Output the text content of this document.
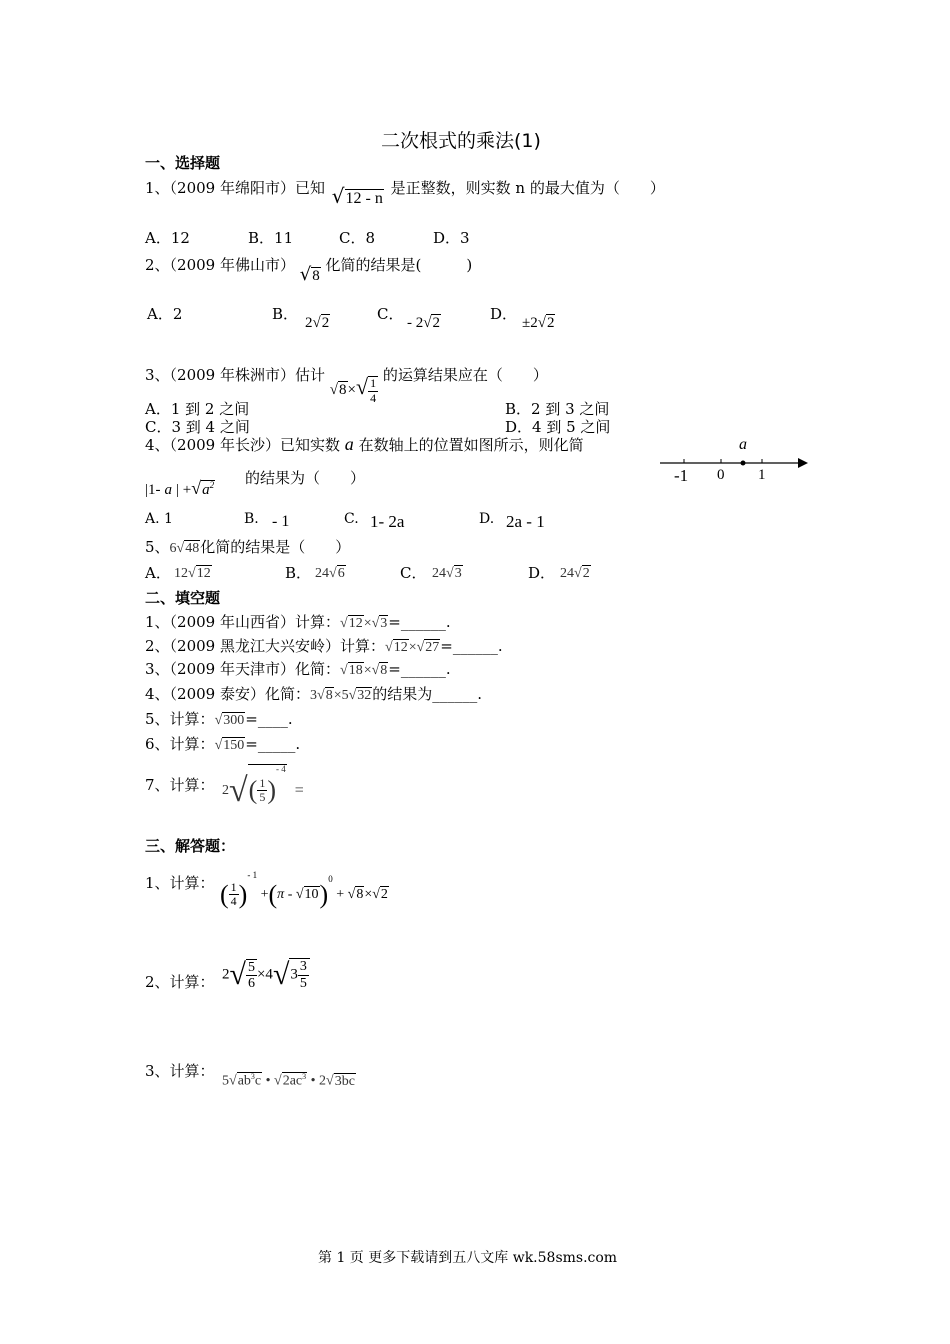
二次根式的乘法(1)
一、选择题
1、（2009 年绵阳市）已知 √12 - n 是正整数，则实数 n 的最大值为（　　）
A．12	B．11	C．8	D．3
2、（2009 年佛山市） √8 化简的结果是(　　　)
A．2	B． 2√2	C． - 2√2	D． ±2√2
3、（2009 年株洲市）估计 $√8\times√ \frac{1}{4}$
的运算结果应在（　　）
A．1 到 2 之间	B．2 到 3 之间
C．3 到 4 之间	D．4 到 5 之间
4、（2009 年长沙）已知实数 a 在数轴上的位置如图所示，则化简
|1- a | $+√a^2$ 的结果为（　　）
a
-1 0 1
A. 1	B. - 1	C. 1- 2a	D. 2a - 1
5、6√48化简的结果是（　　）
A． 12√12	B． 24√6	C． 24√3	D． 24√2
二、填空题
1、（2009 年山西省）计算：√12×√3=______.
2、（2009 黑龙江大兴安岭）计算：√12×√27=______.
3、（2009 年天津市）化简：√18×√8=______.
4、（2009 泰安）化简：3√8×5√32的结果为______.
5、计算：√300=____.
6、计算：√150=_____.
7、计算： $2√( \frac{1}{5} )^{- 4}=$
三、解答题：
1、计算： ( $\frac{1}{4} )^{- 1} +(\pi - √10)^0 + √8\times√2$
2、计算： $2√ \frac{5}{6} \times 4√3 \frac{3}{5}$
3、计算：
$5√ab^3c$ • $√2ac^3$ • 2√3bc
第 1 页 更多下载请到五八文库 wk.58sms.com
